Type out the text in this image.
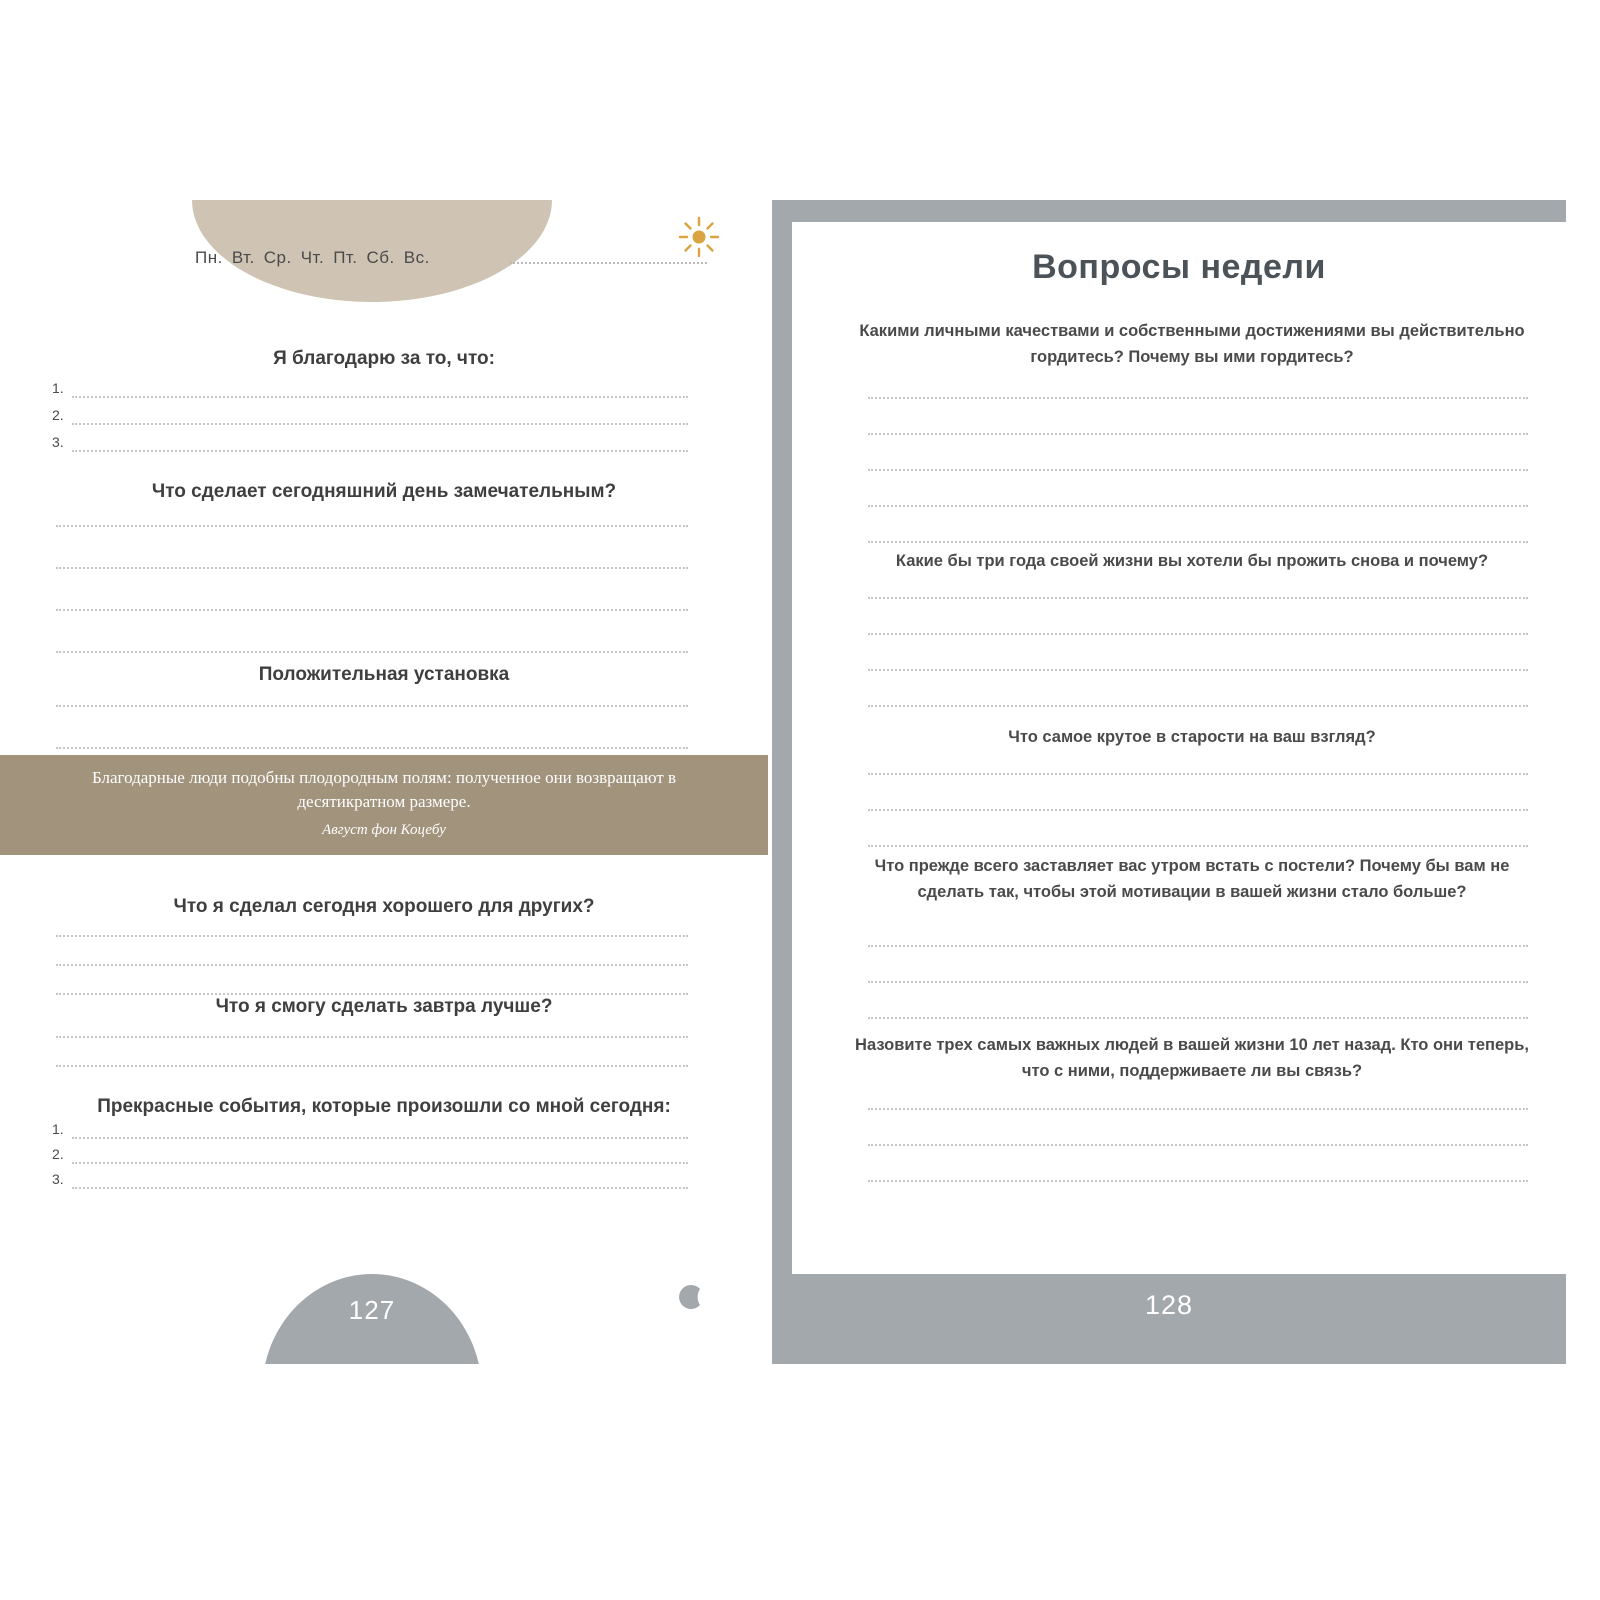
Пн. Вт. Ср. Чт. Пт. Сб. Вс.
Я благодарю за то, что:
1.
2.
3.
Что сделает сегодняшний день замечательным?
Положительная установка
Благодарные люди подобны плодородным полям: полученное они возвращают в десятикратном размере.
Август фон Коцебу
Что я сделал сегодня хорошего для других?
Что я смогу сделать завтра лучше?
Прекрасные события, которые произошли со мной сегодня:
1.
2.
3.
127
Вопросы недели
Какими личными качествами и собственными достижениями вы действительно гордитесь? Почему вы ими гордитесь?
Какие бы три года своей жизни вы хотели бы прожить снова и почему?
Что самое крутое в старости на ваш взгляд?
Что прежде всего заставляет вас утром встать с постели? Почему бы вам не сделать так, чтобы этой мотивации в вашей жизни стало больше?
Назовите трех самых важных людей в вашей жизни 10 лет назад. Кто они теперь, что с ними, поддерживаете ли вы связь?
128
